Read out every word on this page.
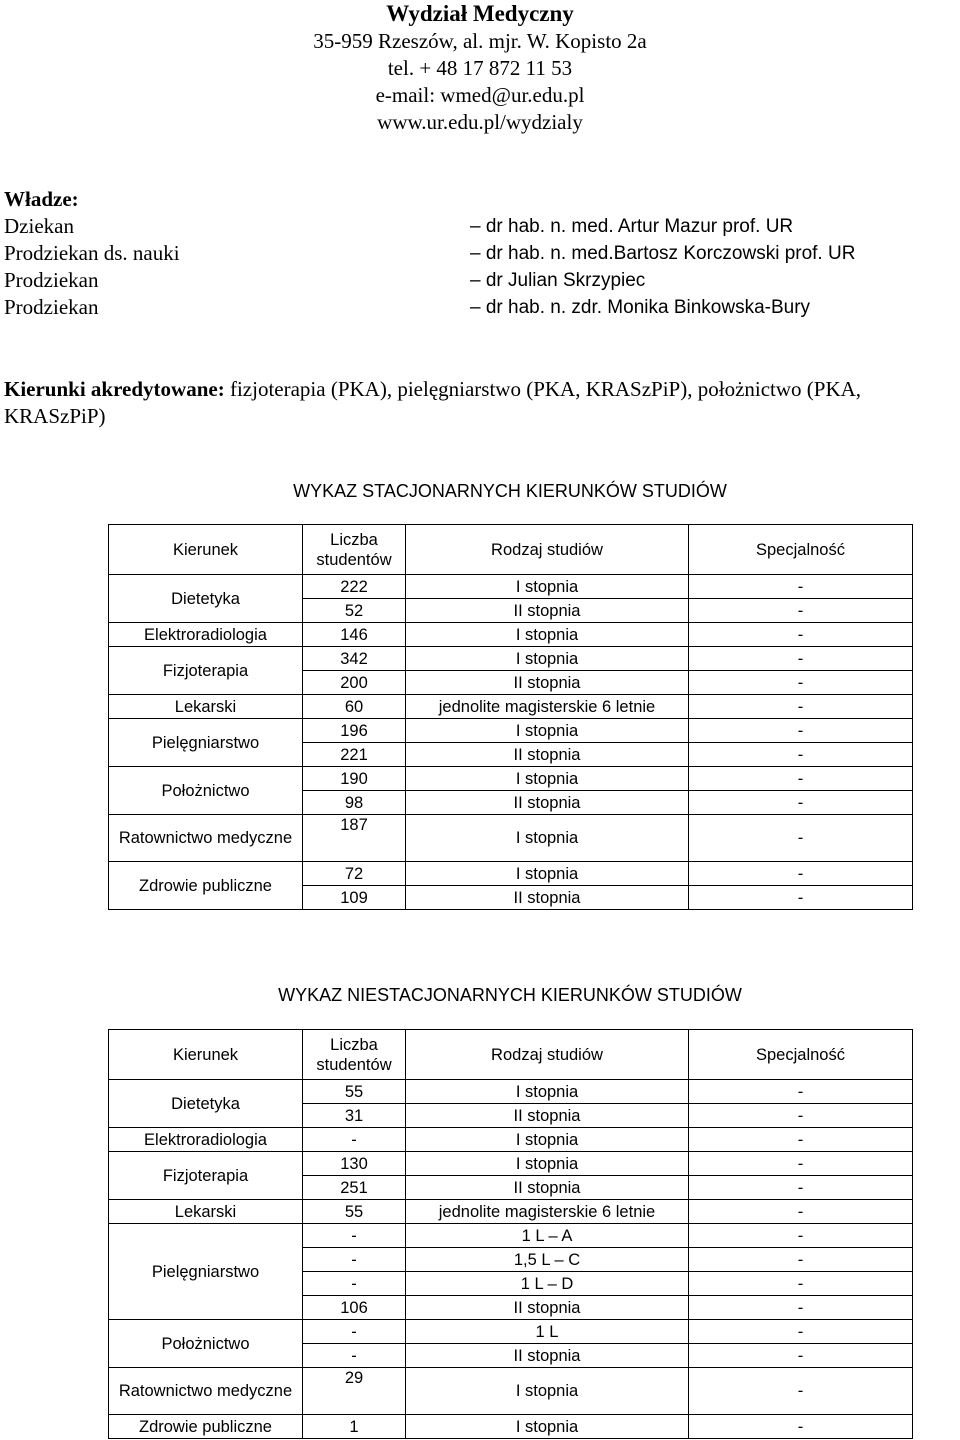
Wydział Medyczny
35-959 Rzeszów, al. mjr. W. Kopisto 2a
tel. + 48 17 872 11 53
e-mail: wmed@ur.edu.pl
www.ur.edu.pl/wydzialy
Władze:
Dziekan	– dr hab. n. med. Artur Mazur prof. UR
Prodziekan ds. nauki	– dr hab. n. med.Bartosz Korczowski prof. UR
Prodziekan	– dr Julian Skrzypiec
Prodziekan	– dr hab. n. zdr. Monika Binkowska-Bury
Kierunki akredytowane: fizjoterapia (PKA), pielęgniarstwo (PKA, KRASzPiP), położnictwo (PKA, KRASzPiP)
WYKAZ STACJONARNYCH KIERUNKÓW STUDIÓW
Kierunek	Liczba studentów	Rodzaj studiów	Specjalność
Dietetyka	222	I stopnia	-
	52	II stopnia	-
Elektroradiologia	146	I stopnia	-
Fizjoterapia	342	I stopnia	-
	200	II stopnia	-
Lekarski	60	jednolite magisterskie 6 letnie	-
Pielęgniarstwo	196	I stopnia	-
	221	II stopnia	-
Położnictwo	190	I stopnia	-
	98	II stopnia	-
Ratownictwo medyczne	187	I stopnia	-
Zdrowie publiczne	72	I stopnia	-
	109	II stopnia	-
WYKAZ NIESTACJONARNYCH KIERUNKÓW STUDIÓW
Kierunek	Liczba studentów	Rodzaj studiów	Specjalność
Dietetyka	55	I stopnia	-
	31	II stopnia	-
Elektroradiologia	-	I stopnia	-
Fizjoterapia	130	I stopnia	-
	251	II stopnia	-
Lekarski	55	jednolite magisterskie 6 letnie	-
Pielęgniarstwo	-	1 L – A	-
	-	1,5 L – C	-
	-	1 L – D	-
	106	II stopnia	-
Położnictwo	-	1 L	-
	-	II stopnia	-
Ratownictwo medyczne	29	I stopnia	-
Zdrowie publiczne	1	I stopnia	-
